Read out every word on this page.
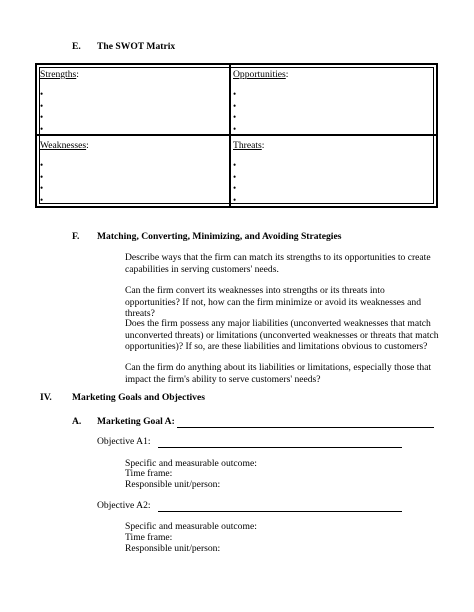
E. The SWOT Matrix
Strengths:
•
•
•
•
Opportunities:
•
•
•
•
Weaknesses:
•
•
•
•
Threats:
•
•
•
•
F. Matching, Converting, Minimizing, and Avoiding Strategies
Describe ways that the firm can match its strengths to its opportunities to create capabilities in serving customers' needs.
Can the firm convert its weaknesses into strengths or its threats into opportunities? If not, how can the firm minimize or avoid its weaknesses and threats?
Does the firm possess any major liabilities (unconverted weaknesses that match unconverted threats) or limitations (unconverted weaknesses or threats that match opportunities)? If so, are these liabilities and limitations obvious to customers?
Can the firm do anything about its liabilities or limitations, especially those that impact the firm's ability to serve customers' needs?
IV. Marketing Goals and Objectives
A. Marketing Goal A:
Objective A1:
Specific and measurable outcome:
Time frame:
Responsible unit/person:
Objective A2:
Specific and measurable outcome:
Time frame:
Responsible unit/person:
